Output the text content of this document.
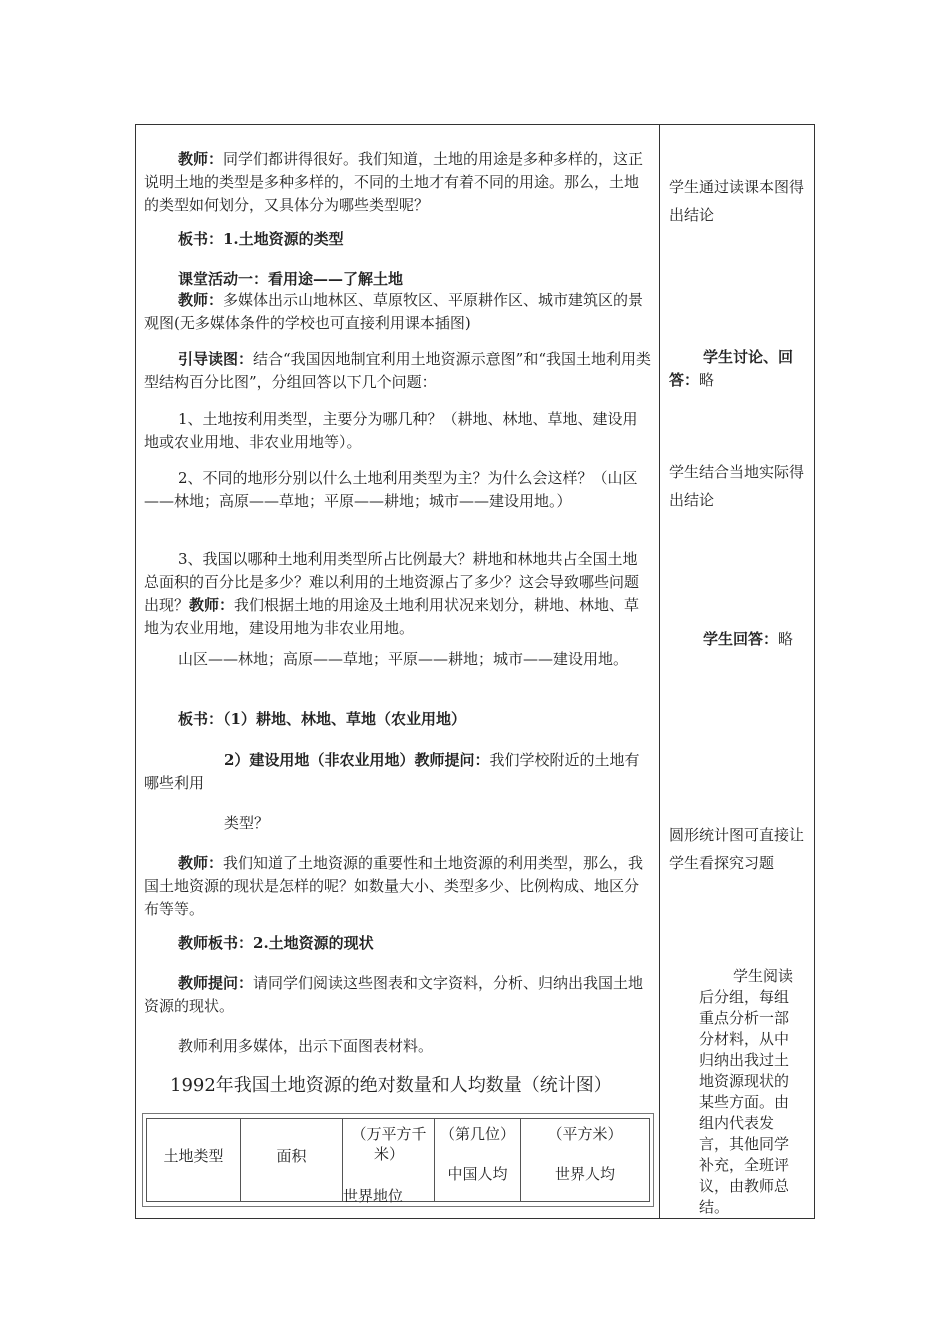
教师：同学们都讲得很好。我们知道，土地的用途是多种多样的，这正说明土地的类型是多种多样的，不同的土地才有着不同的用途。那么，土地的类型如何划分，又具体分为哪些类型呢？

板书：1.土地资源的类型

课堂活动一：看用途——了解土地

教师：多媒体出示山地林区、草原牧区、平原耕作区、城市建筑区的景观图(无多媒体条件的学校也可直接利用课本插图)

引导读图：结合“我国因地制宜利用土地资源示意图”和“我国土地利用类型结构百分比图”，分组回答以下几个问题：

1、土地按利用类型，主要分为哪几种？（耕地、林地、草地、建设用地或农业用地、非农业用地等）。

2、不同的地形分别以什么土地利用类型为主？为什么会这样？（山区——林地；高原——草地；平原——耕地；城市——建设用地。）

3、我国以哪种土地利用类型所占比例最大？耕地和林地共占全国土地总面积的百分比是多少？难以利用的土地资源占了多少？这会导致哪些问题出现？教师：我们根据土地的用途及土地利用状况来划分，耕地、林地、草地为农业用地，建设用地为非农业用地。

山区——林地；高原——草地；平原——耕地；城市——建设用地。

板书：（1）耕地、林地、草地（农业用地）

2）建设用地（非农业用地）教师提问：我们学校附近的土地有哪些利用

类型？

教师：我们知道了土地资源的重要性和土地资源的利用类型，那么，我国土地资源的现状是怎样的呢？如数量大小、类型多少、比例构成、地区分布等等。

教师板书：2.土地资源的现状

教师提问：请同学们阅读这些图表和文字资料，分析、归纳出我国土地资源的现状。

教师利用多媒体，出示下面图表材料。

1992年我国土地资源的绝对数量和人均数量（统计图）
土地类型	面积
（万平方千米）
世界地位
（第几位）
中国人均
（平方米）
世界人均

学生通过读课本图得出结论

学生讨论、回答：略

学生结合当地实际得出结论

学生回答：略

圆形统计图可直接让学生看探究习题

学生阅读后分组，每组重点分析一部分材料，从中归纳出我过土地资源现状的某些方面。由组内代表发言，其他同学补充，全班评议，由教师总结。
